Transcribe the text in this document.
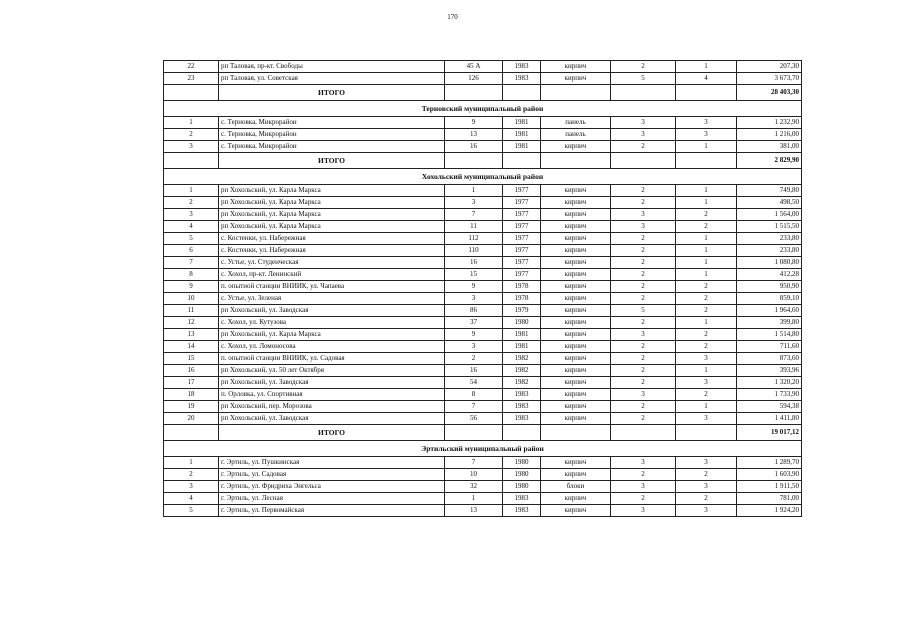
170
22	рп Таловая, пр-кт. Свободы	45 А	1983	кирпич	2	1	207,30
23	рп Таловая, ул. Советская	126	1983	кирпич	5	4	3 673,70
	ИТОГО						28 403,30
Терновский муниципальный район							
1	с. Терновка, Микрорайон	9	1981	панель	3	3	1 232,90
2	с. Терновка, Микрорайон	13	1981	панель	3	3	1 216,00
3	с. Терновка, Микрорайон	16	1981	кирпич	2	1	381,00
	ИТОГО						2 829,90
Хохольский муниципальный район							
1	рп Хохольский, ул. Карла Маркса	1	1977	кирпич	2	1	749,80
2	рп Хохольский, ул. Карла Маркса	3	1977	кирпич	2	1	498,50
3	рп Хохольский, ул. Карла Маркса	7	1977	кирпич	3	2	1 564,00
4	рп Хохольский, ул. Карла Маркса	11	1977	кирпич	3	2	1 515,50
5	с. Костенки, ул. Набережная	112	1977	кирпич	2	1	233,80
6	с. Костенки, ул. Набережная	110	1977	кирпич	2	1	233,80
7	с. Устье, ул. Студенческая	16	1977	кирпич	2	1	1 080,80
8	с. Хохол, пр-кт. Ленинский	15	1977	кирпич	2	1	412,28
9	п. опытной станции ВНИИК, ул. Чапаева	9	1978	кирпич	2	2	950,90
10	с. Устье, ул. Зеленая	3	1978	кирпич	2	2	859,10
11	рп Хохольский, ул. Заводская	86	1979	кирпич	5	2	1 964,60
12	с. Хохол, ул. Кутузова	37	1980	кирпич	2	1	399,80
13	рп Хохольский, ул. Карла Маркса	9	1981	кирпич	3	2	1 514,80
14	с. Хохол, ул. Ломоносова	3	1981	кирпич	2	2	711,60
15	п. опытной станции ВНИИК, ул. Садовая	2	1982	кирпич	2	3	873,60
16	рп Хохольский, ул. 50 лет Октября	16	1982	кирпич	2	1	393,96
17	рп Хохольский, ул. Заводская	54	1982	кирпич	2	3	1 320,20
18	п. Орловка, ул. Спортивная	8	1983	кирпич	3	2	1 733,90
19	рп Хохольский, пер. Морозова	7	1983	кирпич	2	1	594,38
20	рп Хохольский, ул. Заводская	56	1983	кирпич	2	3	1 411,80
	ИТОГО						19 017,12
Эртильский муниципальный район							
1	г. Эртиль, ул. Пушкинская	7	1980	кирпич	3	3	1 289,70
2	г. Эртиль, ул. Садовая	10	1980	кирпич	2	2	1 603,90
3	г. Эртиль, ул. Фридриха Энгельса	32	1980	блоки	3	3	1 911,50
4	г. Эртиль, ул. Лесная	1	1983	кирпич	2	2	781,00
5	г. Эртиль, ул. Первомайская	13	1983	кирпич	3	3	1 924,20
